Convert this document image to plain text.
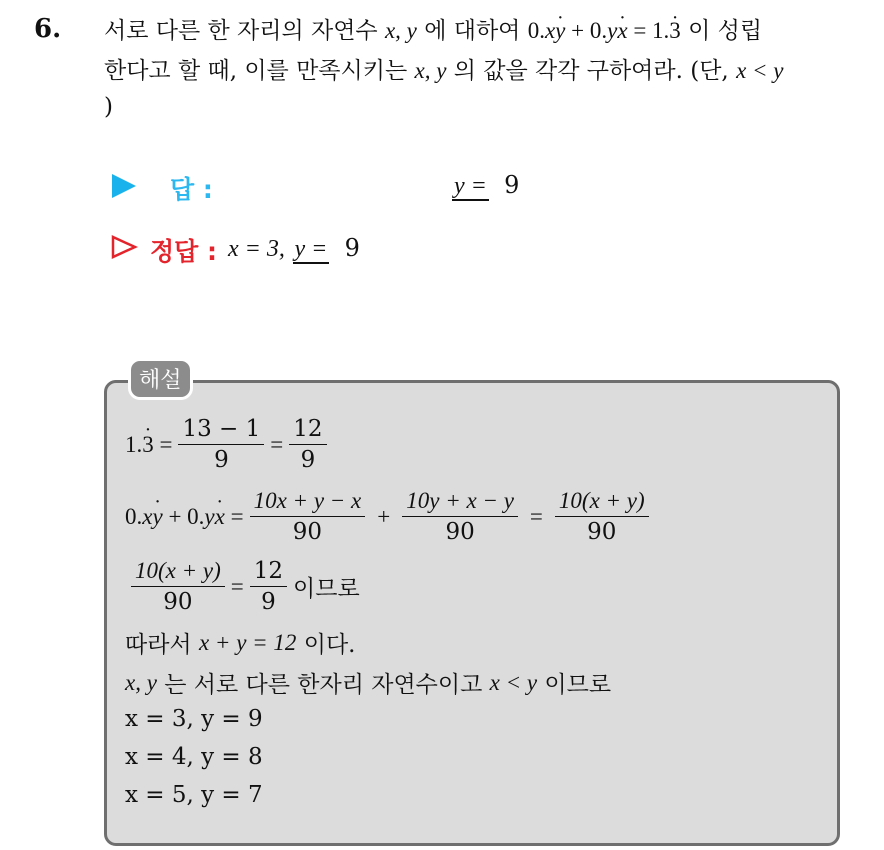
6. 서로 다른 한 자리의 자연수 x, y 에 대하여 0.xy · + 0.yx · = 1.3 · 이 성립
한다고 할 때, 이를 만족시키는 x, y 의 값을 각각 구하여라. (단, x < y
)
답 :	y = 9
정답 : x = 3, y = 9
해설
1.3 · = $\frac{13 - 1}{9} = \frac{12}{9}$
0.xy · + 0.yx · = $\frac{10x + y - x}{90} + \frac{10y + x - y}{90} = \frac{10(x + y)}{90}$
$\frac{10(x + y)}{90} = \frac{12}{9}$ 이므로
따라서
x + y = 12
이다.
x, y
는 서로 다른 한자리 자연수이고
x < y
이므로
x = 3, y = 9
x = 4, y = 8
x = 5, y = 7
